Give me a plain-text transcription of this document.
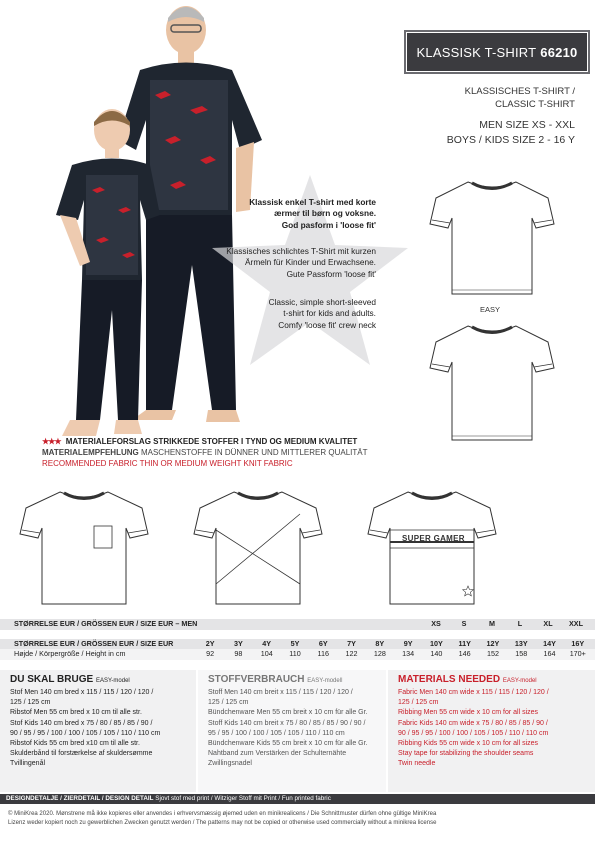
KLASSISK T-SHIRT 66210
KLASSISCHES T-SHIRT /
CLASSIC T-SHIRT
MEN SIZE XS - XXL
BOYS / KIDS SIZE 2 - 16 Y
Klassisk enkel T-shirt med korte
ærmer til børn og voksne.
God pasform i 'loose fit'
Klassisches schlichtes T-Shirt mit kurzen
Ärmeln für Kinder und Erwachsene.
Gute Passform 'loose fit'
Classic, simple short-sleeved
t-shirt for kids and adults.
Comfy 'loose fit' crew neck
EASY
★★★ MATERIALEFORSLAG STRIKKEDE STOFFER I TYND OG MEDIUM KVALITET
MATERIALEMPFEHLUNG MASCHENSTOFFE IN DÜNNER UND MITTLERER QUALITÄT
RECOMMENDED FABRIC THIN OR MEDIUM WEIGHT KNIT FABRIC
SUPER GAMER
STØRRELSE EUR / GRÖSSEN EUR / SIZE EUR – MEN	XS	S	M	L	XL	XXL
STØRRELSE EUR / GRÖSSEN EUR / SIZE EUR	2Y	3Y	4Y	5Y	6Y	7Y	8Y	9Y	10Y	11Y	12Y	13Y	14Y	16Y
Højde / Körpergröße / Height in cm	92	98	104	110	116	122	128	134	140	146	152	158	164	170+
DU SKAL BRUGE EASY-model
Stof Men 140 cm bred x 115 / 115 / 120 / 120 /
125 / 125 cm
Ribstof Men 55 cm bred x 10 cm til alle str.
Stof Kids 140 cm bred x 75 / 80 / 85 / 85 / 90 /
90 / 95 / 95 / 100 / 100 / 105 / 105 / 110 / 110 cm
Ribstof Kids 55 cm bred x10 cm til alle str.
Skulderbånd til forstærkelse af skuldersømme
Tvillingenål
STOFFVERBRAUCH EASY-modell
Stoff Men 140 cm breit x 115 / 115 / 120 / 120 /
125 / 125 cm
Bündchenware Men 55 cm breit x 10 cm für alle Gr.
Stoff Kids 140 cm breit x 75 / 80 / 85 / 85 / 90 / 90 /
95 / 95 / 100 / 100 / 105 / 105 / 110 / 110 cm
Bündchenware Kids 55 cm breit x 10 cm für alle Gr.
Nahtband zum Verstärken der Schulternähte
Zwillingsnadel
MATERIALS NEEDED EASY-model
Fabric Men 140 cm wide x 115 / 115 / 120 / 120 /
125 / 125 cm
Ribbing Men 55 cm wide x 10 cm for all sizes
Fabric Kids 140 cm wide x 75 / 80 / 85 / 85 / 90 /
90 / 95 / 95 / 100 / 100 / 105 / 105 / 110 / 110 cm
Ribbing Kids 55 cm wide x 10 cm for all sizes
Stay tape for stabilizing the shoulder seams
Twin needle
DESIGNDETALJE / ZIERDETAIL / DESIGN DETAIL Sjovt stof med print / Witziger Stoff mit Print / Fun printed fabric
© MiniKrea 2020. Mønstrene må ikke kopieres eller anvendes i erhvervsmæssig øjemed uden en minikrealicens / Die Schnittmuster dürfen ohne gültige MiniKrea
Lizenz weder kopiert noch zu gewerblichen Zwecken genutzt werden / The patterns may not be copied or otherwise used commercially without a minikrea license
